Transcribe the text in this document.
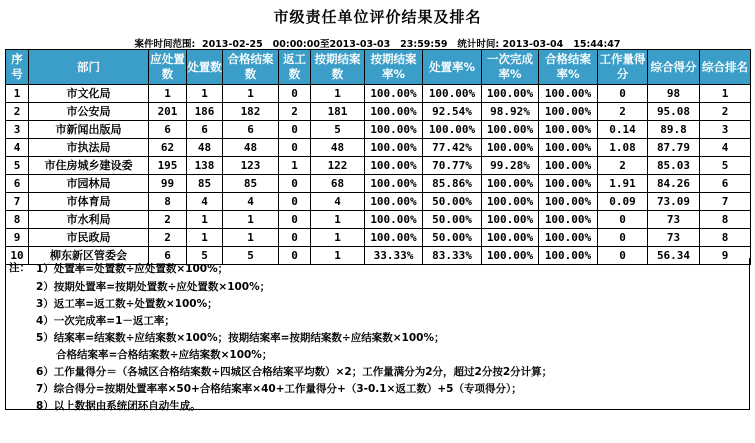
市级责任单位评价结果及排名
案件时间范围: 2013-02-25 00:00:00至2013-03-03 23:59:59 统计时间: 2013-03-04 15:44:47
序号	部门	应处置数	处置数	合格结案数	返工数	按期结案数	按期结案率%	处置率%	一次完成率%	合格结案率%	工作量得分	综合得分	综合排名
1	市文化局	1	1	1	0	1	100.00%	100.00%	100.00%	100.00%	0	98	1
2	市公安局	201	186	182	2	181	100.00%	92.54%	98.92%	100.00%	2	95.08	2
3	市新闻出版局	6	6	6	0	5	100.00%	100.00%	100.00%	100.00%	0.14	89.8	3
4	市执法局	62	48	48	0	48	100.00%	77.42%	100.00%	100.00%	1.08	87.79	4
5	市住房城乡建设委	195	138	123	1	122	100.00%	70.77%	99.28%	100.00%	2	85.03	5
6	市园林局	99	85	85	0	68	100.00%	85.86%	100.00%	100.00%	1.91	84.26	6
7	市体育局	8	4	4	0	4	100.00%	50.00%	100.00%	100.00%	0.09	73.09	7
8	市水利局	2	1	1	0	1	100.00%	50.00%	100.00%	100.00%	0	73	8
9	市民政局	2	1	1	0	1	100.00%	50.00%	100.00%	100.00%	0	73	8
10	柳东新区管委会	6	5	5	0	1	33.33%	83.33%	100.00%	100.00%	0	56.34	9
注： 1）处置率=处置数÷应处置数×100%；
2）按期处置率=按期处置数÷应处置数×100%；
3）返工率=返工数÷处置数×100%；
4）一次完成率=1－返工率；
5）结案率=结案数÷应结案数×100%；按期结案率=按期结案数÷应结案数×100%；
合格结案率=合格结案数÷应结案数×100%；
6）工作量得分＝（各城区合格结案数÷四城区合格结案平均数）×2；工作量满分为2分，超过2分按2分计算；
7）综合得分=按期处置率率×50+合格结案率×40+工作量得分+（3-0.1×返工数）+5（专项得分）；
8）以上数据由系统闭环自动生成。
